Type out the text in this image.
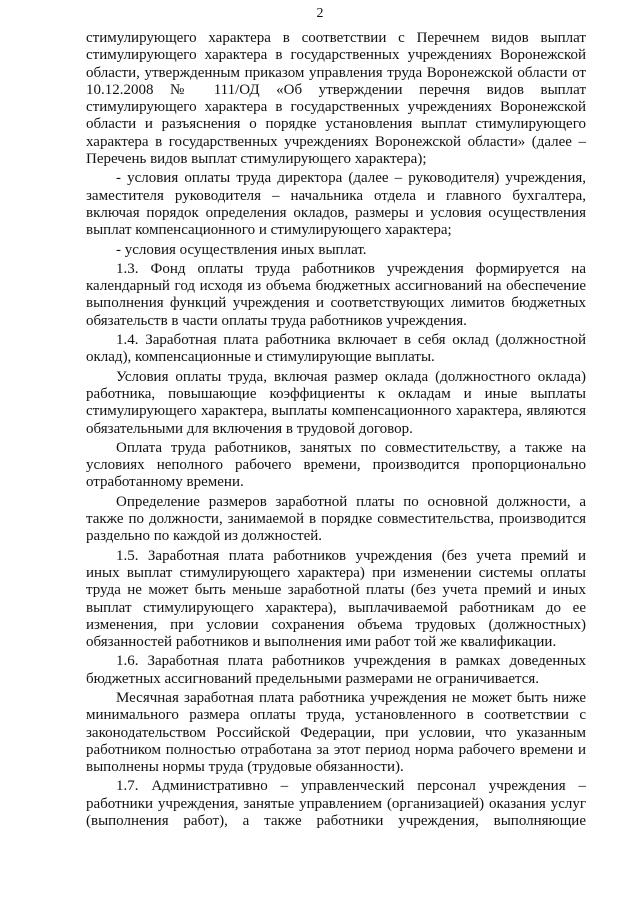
2

стимулирующего характера в соответствии с Перечнем видов выплат
стимулирующего характера в государственных учреждениях Воронежской
области, утвержденным приказом управления труда Воронежской области от
10.12.2008 № 111/ОД «Об утверждении перечня видов выплат
стимулирующего характера в государственных учреждениях Воронежской
области и разъяснения о порядке установления выплат стимулирующего
характера в государственных учреждениях Воронежской области» (далее –
Перечень видов выплат стимулирующего характера);

- условия оплаты труда директора (далее – руководителя) учреждения,
заместителя руководителя – начальника отдела и главного бухгалтера,
включая порядок определения окладов, размеры и условия осуществления
выплат компенсационного и стимулирующего характера;

- условия осуществления иных выплат.

1.3. Фонд оплаты труда работников учреждения формируется на
календарный год исходя из объема бюджетных ассигнований на обеспечение
выполнения функций учреждения и соответствующих лимитов бюджетных
обязательств в части оплаты труда работников учреждения.

1.4. Заработная плата работника включает в себя оклад (должностной
оклад), компенсационные и стимулирующие выплаты.

Условия оплаты труда, включая размер оклада (должностного оклада)
работника, повышающие коэффициенты к окладам и иные выплаты
стимулирующего характера, выплаты компенсационного характера, являются
обязательными для включения в трудовой договор.

Оплата труда работников, занятых по совместительству, а также на
условиях неполного рабочего времени, производится пропорционально
отработанному времени.

Определение размеров заработной платы по основной должности, а
также по должности, занимаемой в порядке совместительства, производится
раздельно по каждой из должностей.

1.5. Заработная плата работников учреждения (без учета премий и
иных выплат стимулирующего характера) при изменении системы оплаты
труда не может быть меньше заработной платы (без учета премий и иных
выплат стимулирующего характера), выплачиваемой работникам до ее
изменения, при условии сохранения объема трудовых (должностных)
обязанностей работников и выполнения ими работ той же квалификации.

1.6. Заработная плата работников учреждения в рамках доведенных
бюджетных ассигнований предельными размерами не ограничивается.

Месячная заработная плата работника учреждения не может быть ниже
минимального размера оплаты труда, установленного в соответствии с
законодательством Российской Федерации, при условии, что указанным
работником полностью отработана за этот период норма рабочего времени и
выполнены нормы труда (трудовые обязанности).

1.7. Административно – управленческий персонал учреждения –
работники учреждения, занятые управлением (организацией) оказания услуг
(выполнения работ), а также работники учреждения, выполняющие
